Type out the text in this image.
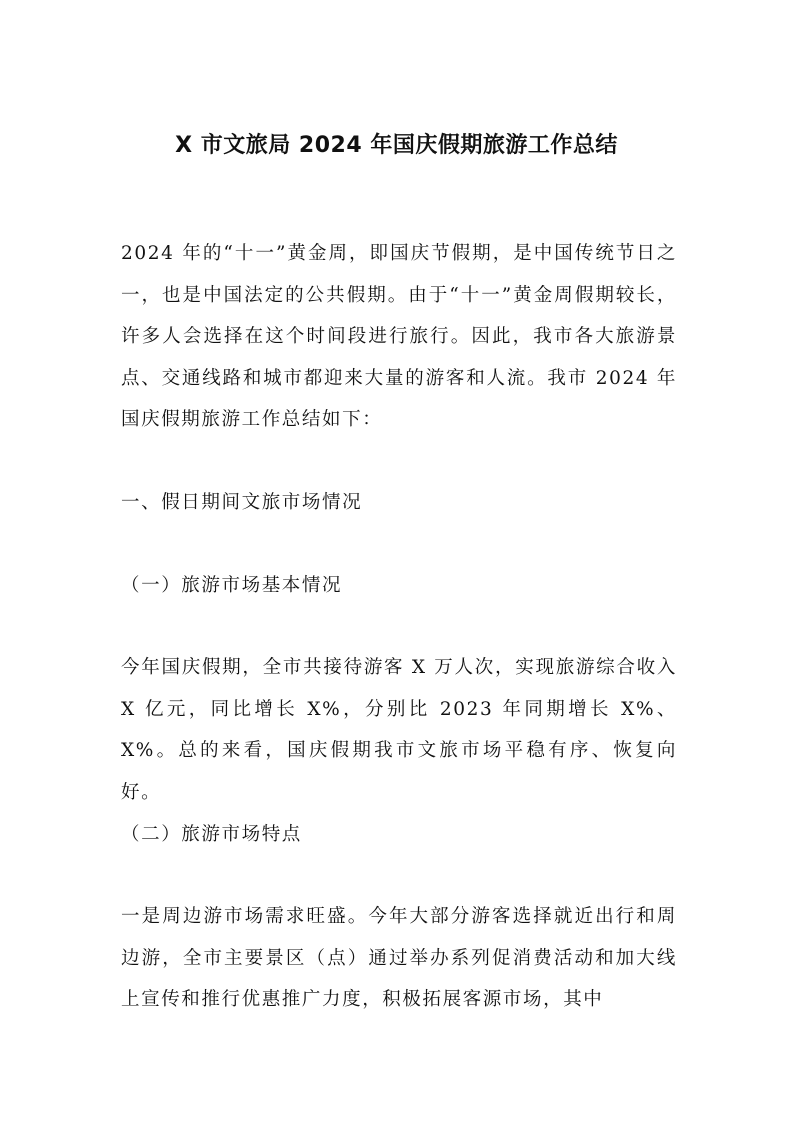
X 市文旅局 2024 年国庆假期旅游工作总结

2024 年的“十一”黄金周，即国庆节假期，是中国传统节日之一，也是中国法定的公共假期。由于“十一”黄金周假期较长，许多人会选择在这个时间段进行旅行。因此，我市各大旅游景点、交通线路和城市都迎来大量的游客和人流。我市 2024 年国庆假期旅游工作总结如下：

一、假日期间文旅市场情况

（一）旅游市场基本情况

今年国庆假期，全市共接待游客 X 万人次，实现旅游综合收入 X 亿元，同比增长 X%，分别比 2023 年同期增长 X%、X%。总的来看，国庆假期我市文旅市场平稳有序、恢复向好。

（二）旅游市场特点

一是周边游市场需求旺盛。今年大部分游客选择就近出行和周边游，全市主要景区（点）通过举办系列促消费活动和加大线上宣传和推行优惠推广力度，积极拓展客源市场，其中
